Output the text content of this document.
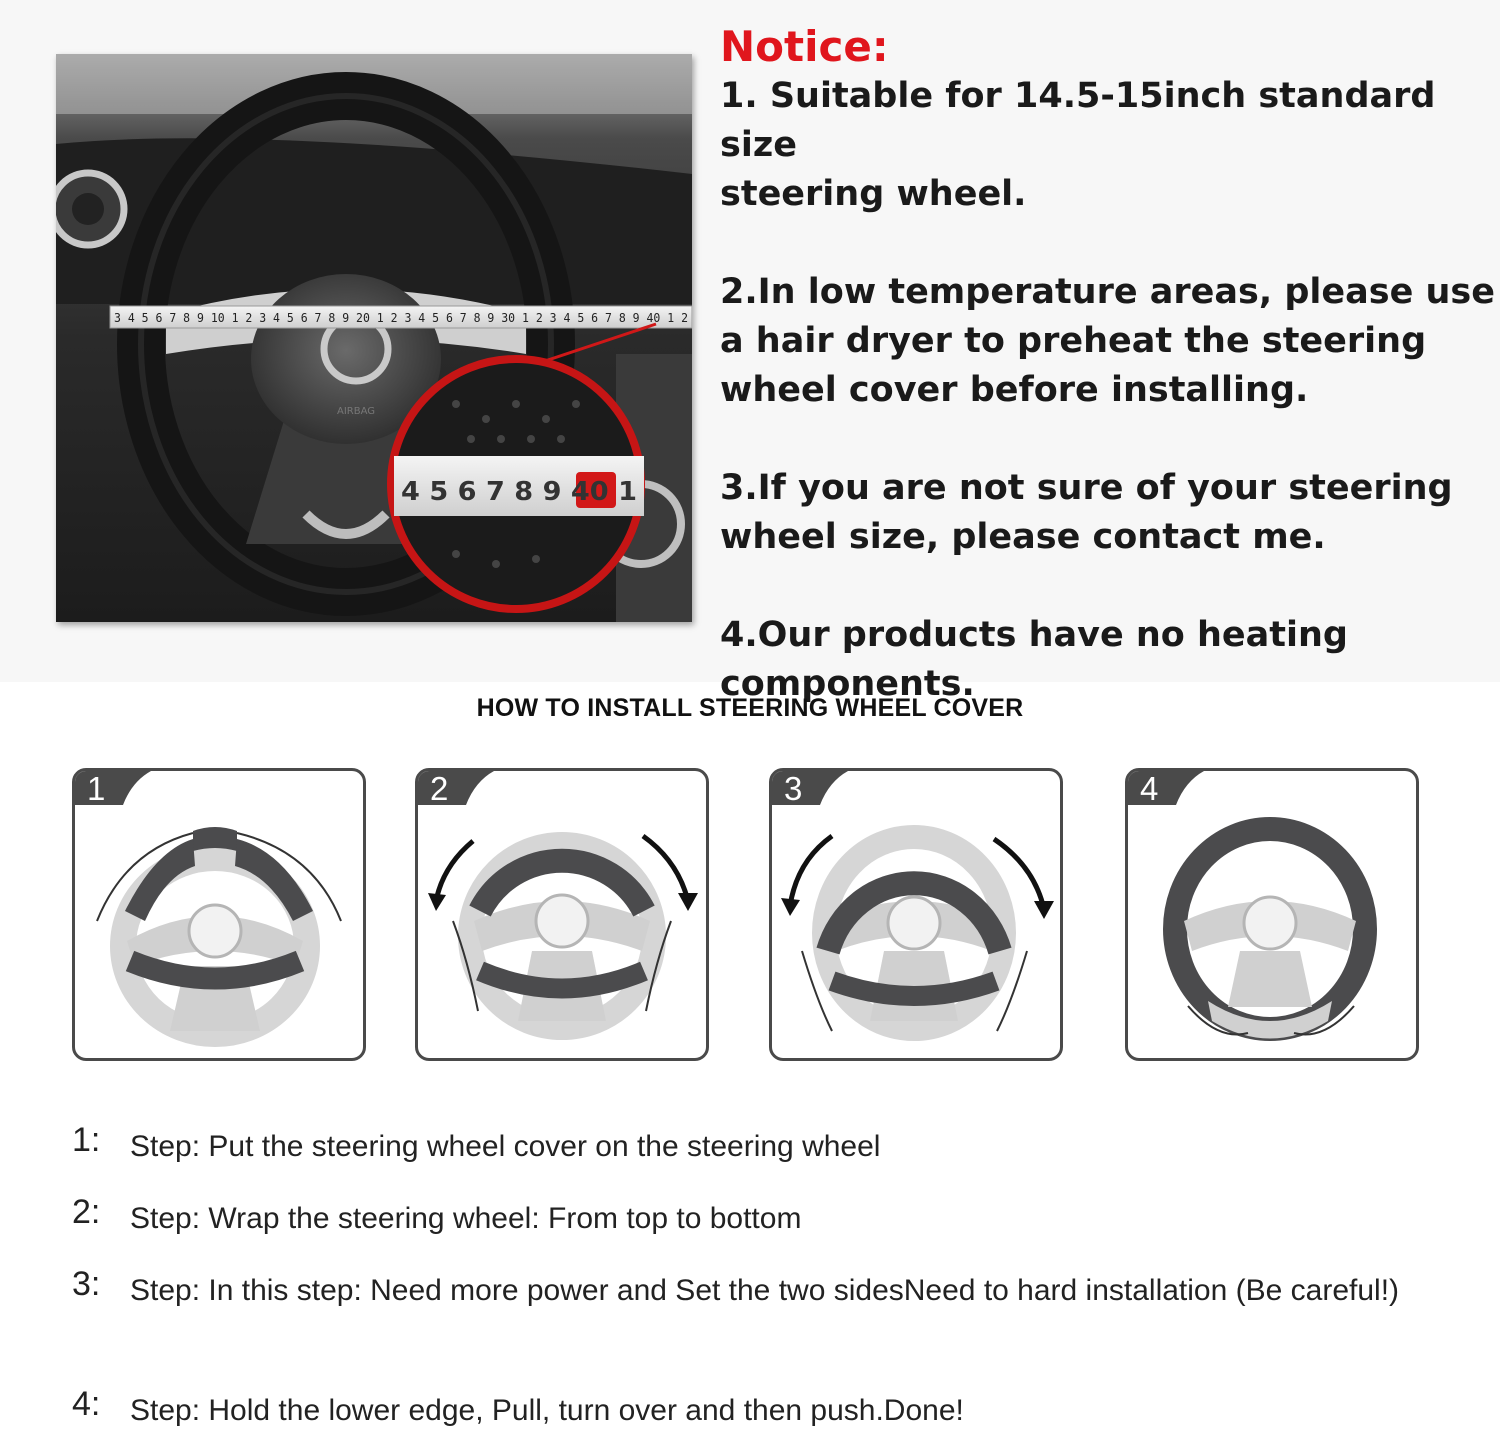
AIRBAG
3 4 5 6 7 8 9 10 1 2 3 4 5 6 7 8 9 20 1 2 3 4 5 6 7 8 9 30 1 2 3 4 5 6 7 8 9 40 1 2
4 5 6 7 8 9 40 1

Notice:

1. Suitable for 14.5-15inch standard size
steering wheel.

2.In low temperature areas, please use
a hair dryer to preheat the steering
wheel cover before installing.

3.If you are not sure of your steering
wheel size, please contact me.

4.Our products have no heating
components.

HOW TO INSTALL STEERING WHEEL COVER
1	2	3	4
1: Step: Put the steering wheel cover on the steering wheel
2: Step: Wrap the steering wheel: From top to bottom
3: Step: In this step: Need more power and Set the two sidesNeed to hard installation (Be careful!)
4: Step: Hold the lower edge, Pull, turn over and then push.Done!
